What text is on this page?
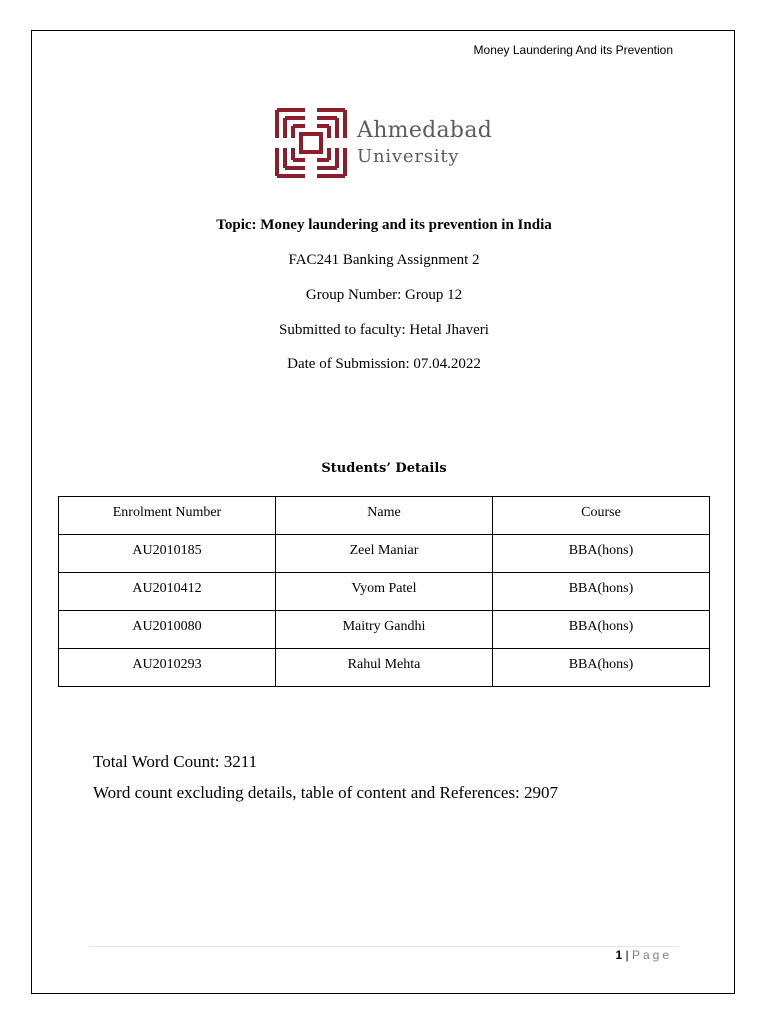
Money Laundering And its Prevention
Ahmedabad
University
Topic: Money laundering and its prevention in India
FAC241 Banking Assignment 2
Group Number: Group 12
Submitted to faculty: Hetal Jhaveri
Date of Submission: 07.04.2022
Students’ Details
Enrolment Number	Name	Course
AU2010185	Zeel Maniar	BBA(hons)
AU2010412	Vyom Patel	BBA(hons)
AU2010080	Maitry Gandhi	BBA(hons)
AU2010293	Rahul Mehta	BBA(hons)
Total Word Count: 3211
Word count excluding details, table of content and References: 2907
1 | Page
